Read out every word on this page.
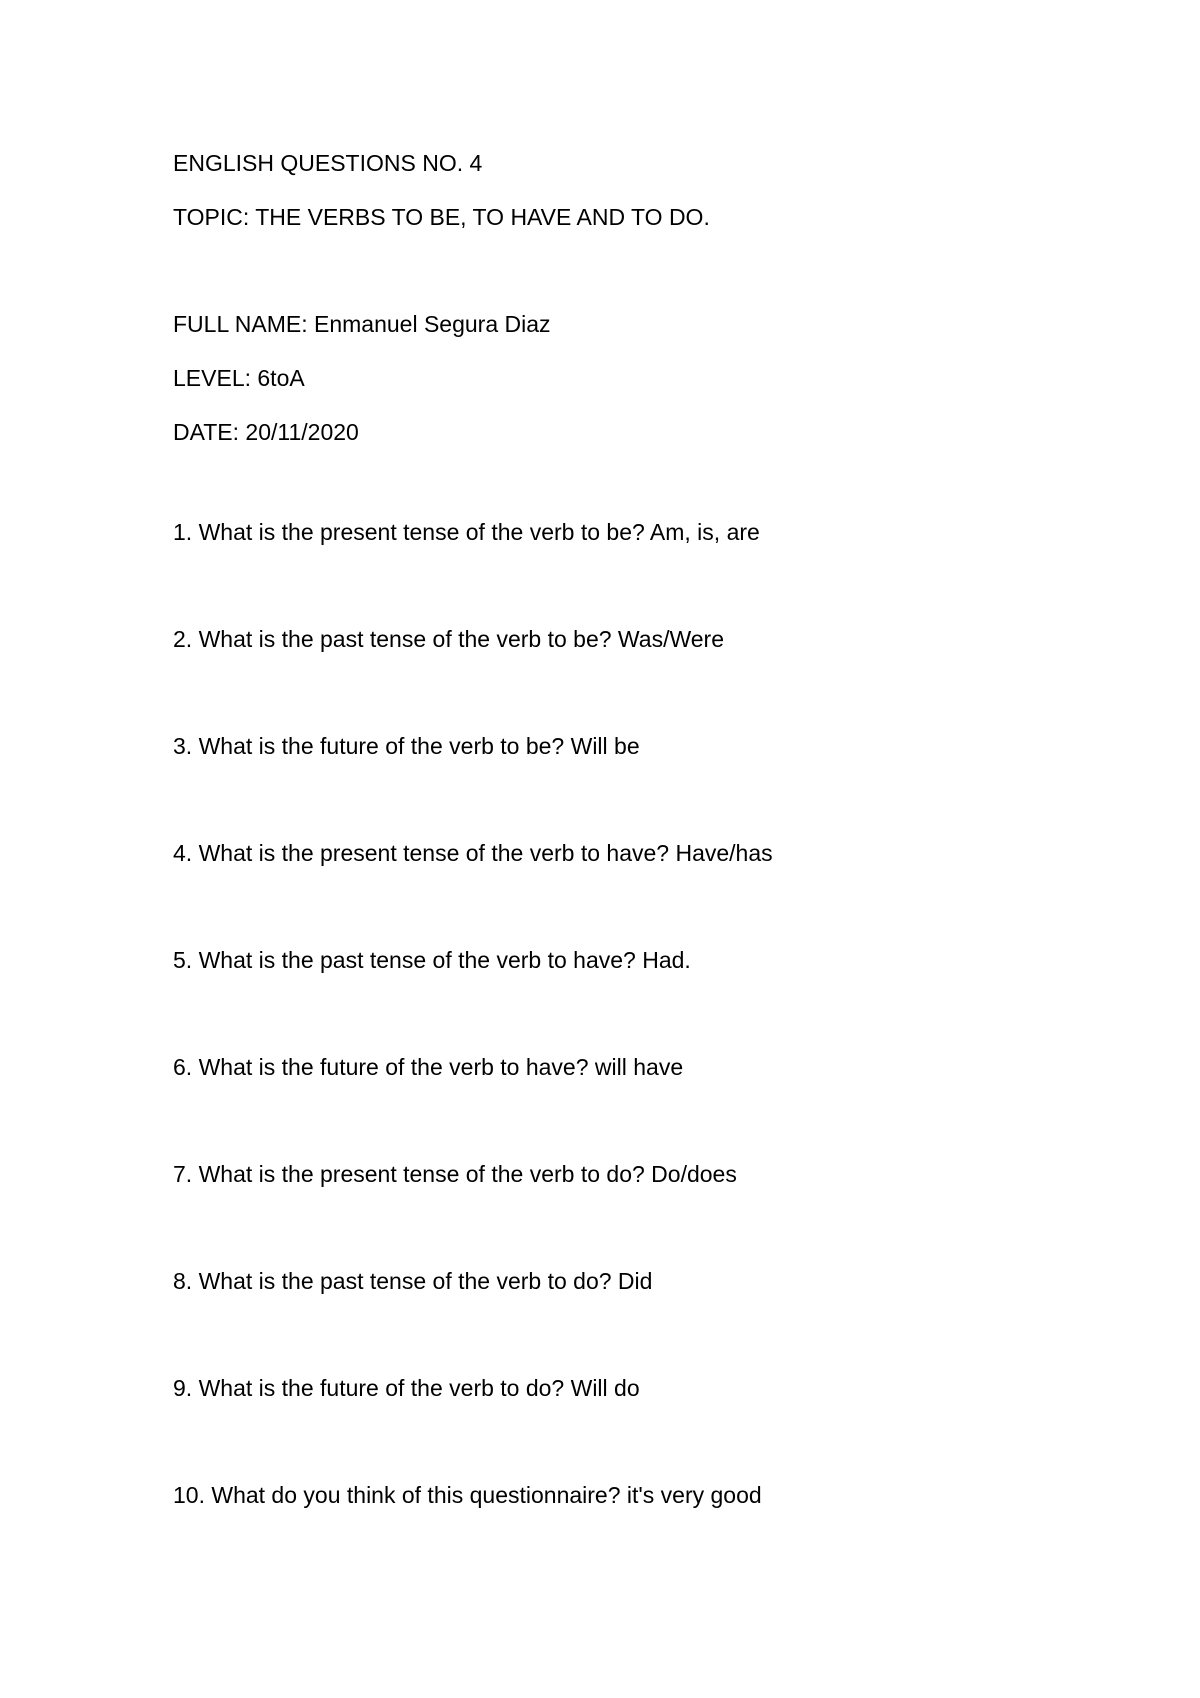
ENGLISH QUESTIONS NO. 4

TOPIC: THE VERBS TO BE, TO HAVE AND TO DO.

FULL NAME: Enmanuel Segura Diaz

LEVEL: 6toA

DATE: 20/11/2020

1. What is the present tense of the verb to be? Am, is, are

2. What is the past tense of the verb to be? Was/Were

3. What is the future of the verb to be? Will be

4. What is the present tense of the verb to have? Have/has

5. What is the past tense of the verb to have? Had.

6. What is the future of the verb to have? will have

7. What is the present tense of the verb to do? Do/does

8. What is the past tense of the verb to do? Did

9. What is the future of the verb to do? Will do

10. What do you think of this questionnaire? it's very good
